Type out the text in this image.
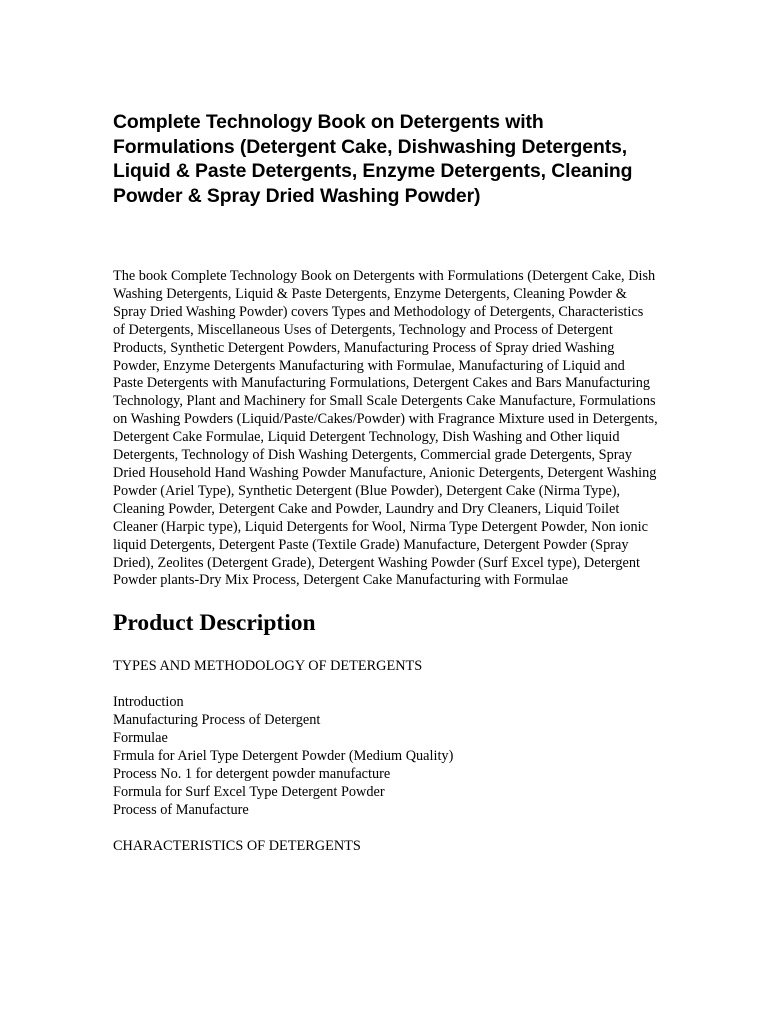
Complete Technology Book on Detergents with Formulations (Detergent Cake, Dishwashing Detergents, Liquid & Paste Detergents, Enzyme Detergents, Cleaning Powder & Spray Dried Washing Powder)

The book Complete Technology Book on Detergents with Formulations (Detergent Cake, Dish Washing Detergents, Liquid & Paste Detergents, Enzyme Detergents, Cleaning Powder & Spray Dried Washing Powder) covers Types and Methodology of Detergents, Characteristics of Detergents, Miscellaneous Uses of Detergents, Technology and Process of Detergent Products, Synthetic Detergent Powders, Manufacturing Process of Spray dried Washing Powder, Enzyme Detergents Manufacturing with Formulae, Manufacturing of Liquid and Paste Detergents with Manufacturing Formulations, Detergent Cakes and Bars Manufacturing Technology, Plant and Machinery for Small Scale Detergents Cake Manufacture, Formulations on Washing Powders (Liquid/Paste/Cakes/Powder) with Fragrance Mixture used in Detergents, Detergent Cake Formulae, Liquid Detergent Technology, Dish Washing and Other liquid Detergents, Technology of Dish Washing Detergents, Commercial grade Detergents, Spray Dried Household Hand Washing Powder Manufacture, Anionic Detergents, Detergent Washing Powder (Ariel Type), Synthetic Detergent (Blue Powder), Detergent Cake (Nirma Type), Cleaning Powder, Detergent Cake and Powder, Laundry and Dry Cleaners, Liquid Toilet Cleaner (Harpic type), Liquid Detergents for Wool, Nirma Type Detergent Powder, Non ionic liquid Detergents, Detergent Paste (Textile Grade) Manufacture, Detergent Powder (Spray Dried), Zeolites (Detergent Grade), Detergent Washing Powder (Surf Excel type), Detergent Powder plants-Dry Mix Process, Detergent Cake Manufacturing with Formulae

Product Description

TYPES AND METHODOLOGY OF DETERGENTS

Introduction
Manufacturing Process of Detergent
Formulae
Frmula for Ariel Type Detergent Powder (Medium Quality)
Process No. 1 for detergent powder manufacture
Formula for Surf Excel Type Detergent Powder
Process of Manufacture

CHARACTERISTICS OF DETERGENTS
